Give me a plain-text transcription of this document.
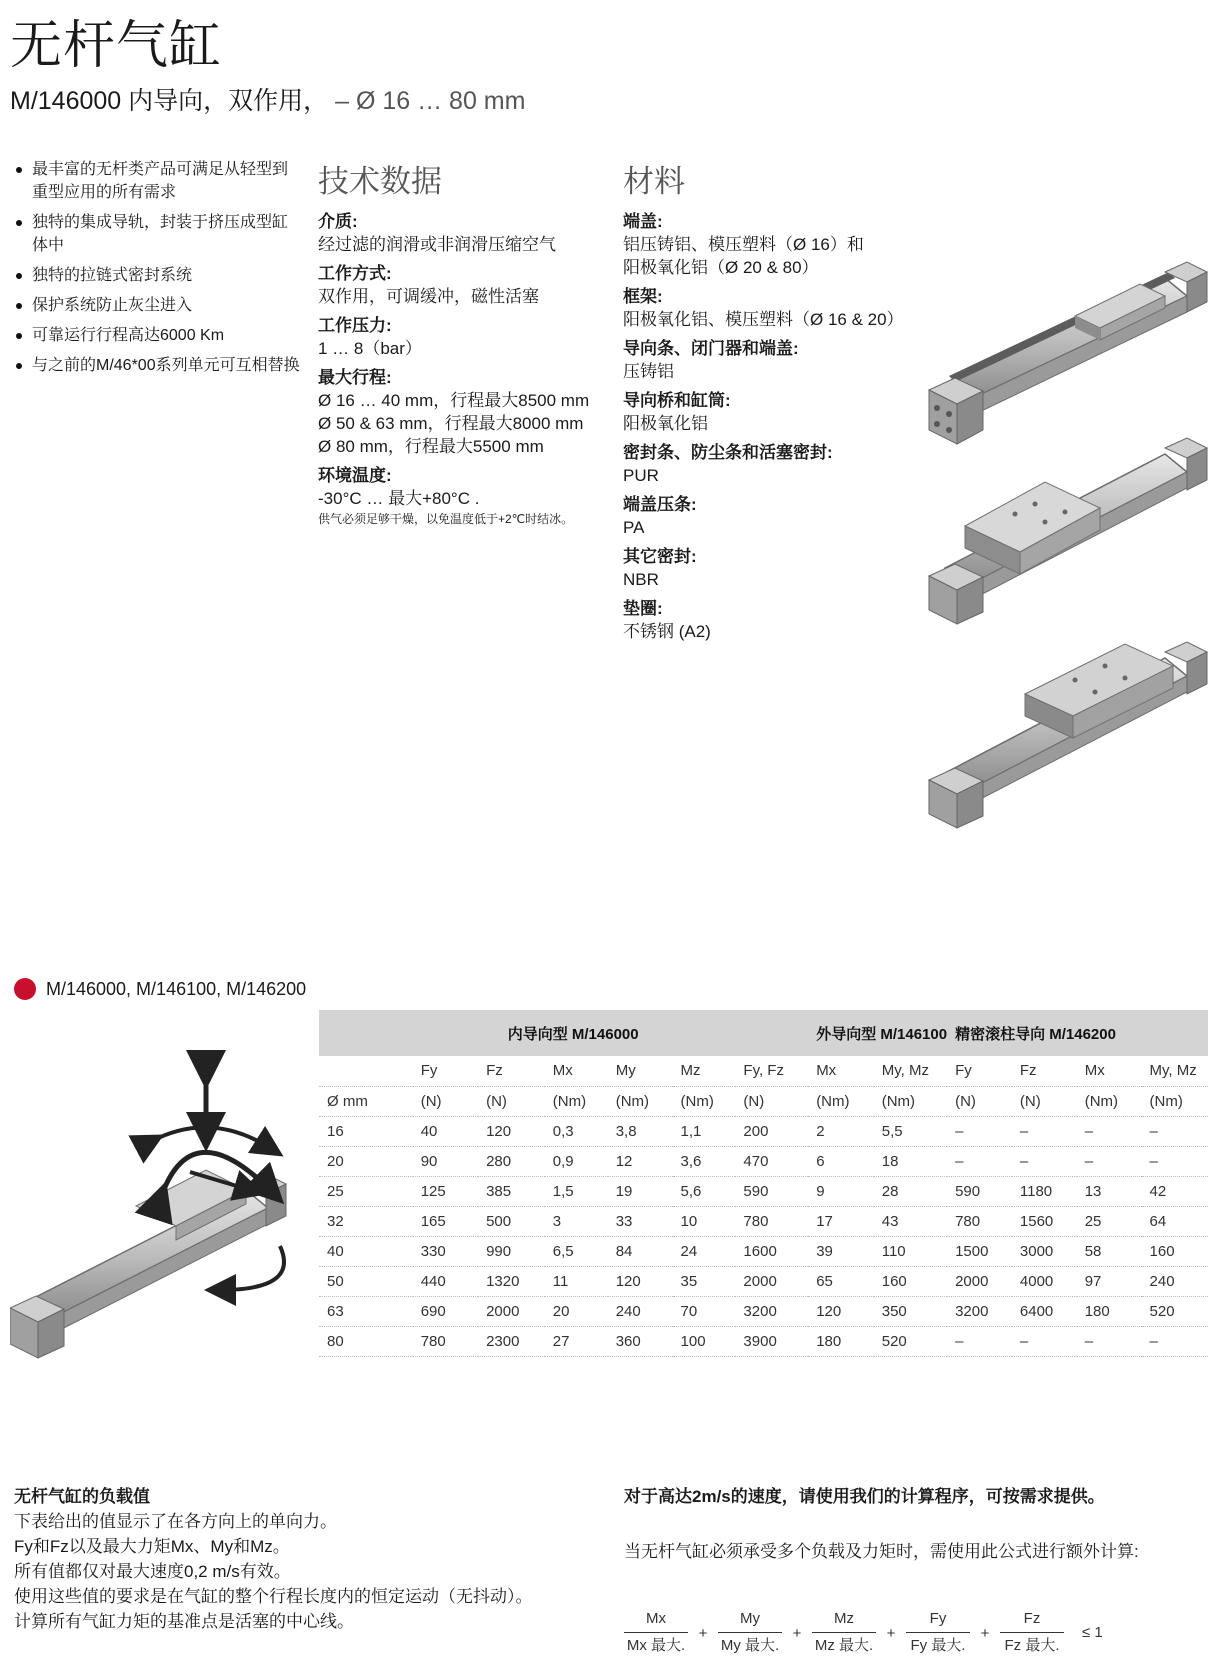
无杆气缸
M/146000 内导向，双作用， – Ø 16 … 80 mm
最丰富的无杆类产品可满足从轻型到重型应用的所有需求
独特的集成导轨，封装于挤压成型缸体中
独特的拉链式密封系统
保护系统防止灰尘进入
可靠运行行程高达6000 Km
与之前的M/46*00系列单元可互相替换
技术数据
介质:
经过滤的润滑或非润滑压缩空气
工作方式:
双作用，可调缓冲，磁性活塞
工作压力:
1 … 8（bar）
最大行程:
Ø 16 … 40 mm，行程最大8500 mm
Ø 50 & 63 mm，行程最大8000 mm
Ø 80 mm，行程最大5500 mm
环境温度:
-30°C … 最大+80°C .
供气必须足够干燥，以免温度低于+2℃时结冰。
材料
端盖:
铝压铸铝、模压塑料（Ø 16）和
阳极氧化铝（Ø 20 & 80）
框架:
阳极氧化铝、模压塑料（Ø 16 & 20）
导向条、闭门器和端盖:
压铸铝
导向桥和缸筒:
阳极氧化铝
密封条、防尘条和活塞密封:
PUR
端盖压条:
PA
其它密封:
NBR
垫圈:
不锈钢 (A2)
M/146000, M/146100, M/146200
	内导向型 M/146000						外导向型 M/146100		精密滚柱导向 M/146200			
	Fy	Fz	Mx	My	Mz	Fy, Fz	Mx	My, Mz	Fy	Fz	Mx	My, Mz
Ø mm	(N)	(N)	(Nm)	(Nm)	(Nm)	(N)	(Nm)	(Nm)	(N)	(N)	(Nm)	(Nm)
16	40	120	0,3	3,8	1,1	200	2	5,5	–	–	–	–
20	90	280	0,9	12	3,6	470	6	18	–	–	–	–
25	125	385	1,5	19	5,6	590	9	28	590	1180	13	42
32	165	500	3	33	10	780	17	43	780	1560	25	64
40	330	990	6,5	84	24	1600	39	110	1500	3000	58	160
50	440	1320	11	120	35	2000	65	160	2000	4000	97	240
63	690	2000	20	240	70	3200	120	350	3200	6400	180	520
80	780	2300	27	360	100	3900	180	520	–	–	–	–
无杆气缸的负载值
下表给出的值显示了在各方向上的单向力。
Fy和Fz以及最大力矩Mx、My和Mz。
所有值都仅对最大速度0,2 m/s有效。
使用这些值的要求是在气缸的整个行程长度内的恒定运动（无抖动）。
计算所有气缸力矩的基准点是活塞的中心线。
对于高达2m/s的速度，请使用我们的计算程序，可按需求提供。
当无杆气缸必须承受多个负载及力矩时，需使用此公式进行额外计算:
$\frac{Mx}{\text{Mx 最大.}} + \frac{My}{\text{My 最大.}} + \frac{Mz}{\text{Mz 最大.}} + \frac{Fy}{\text{Fy 最大.}} + \frac{Fz}{\text{Fz 最大.}} \le 1$
